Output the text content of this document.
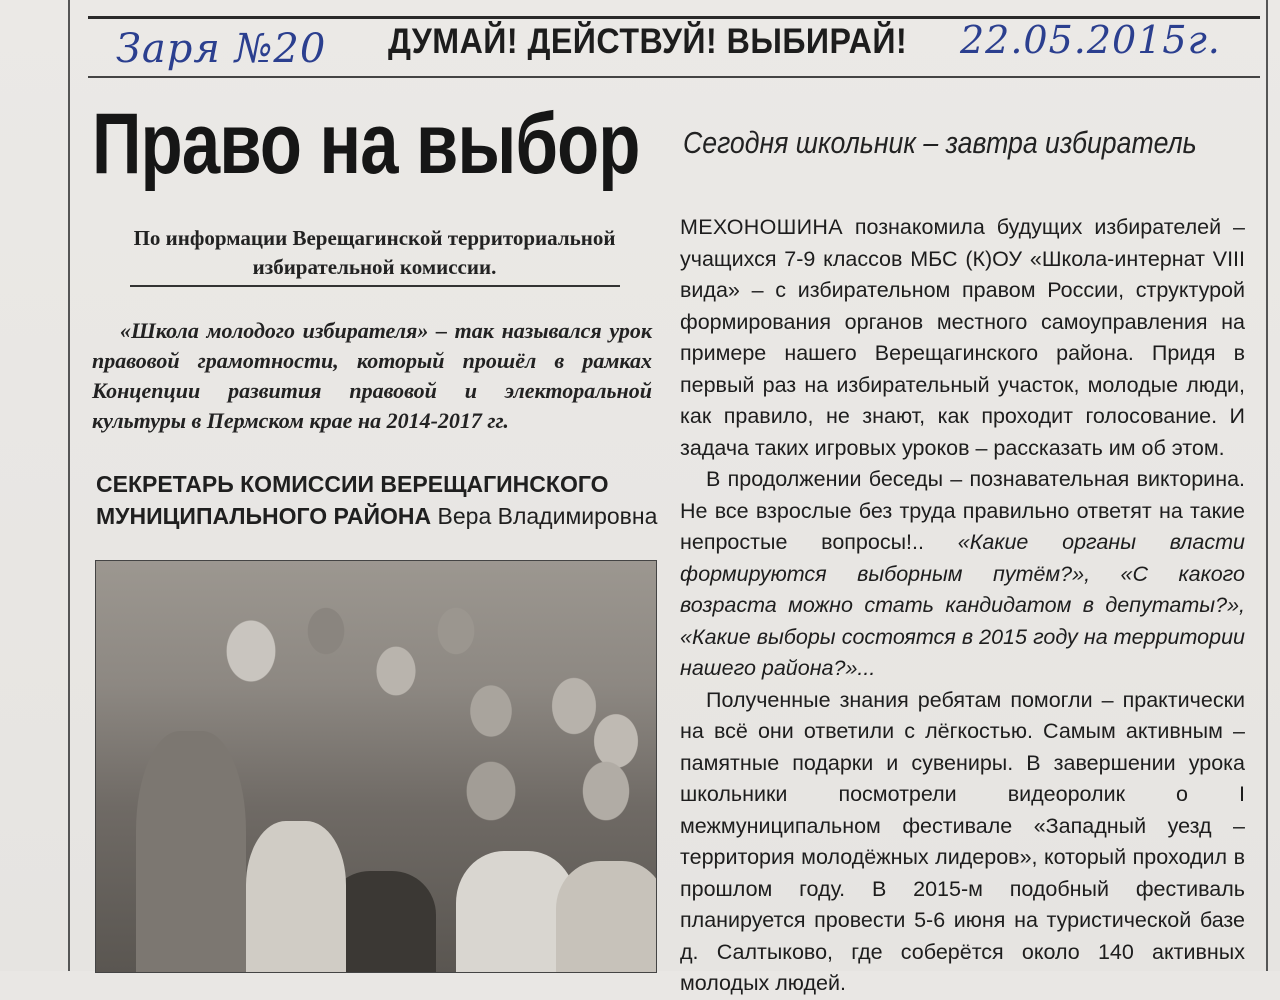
Заря №20 ДУМАЙ! ДЕЙСТВУЙ! ВЫБИРАЙ! 22.05.2015г.
Право на выбор Сегодня школьник – завтра избиратель
По информации Верещагинской территориальной избирательной комиссии.
«Школа молодого избирателя» – так назывался урок правовой грамотности, который прошёл в рамках Концепции развития правовой и электоральной культуры в Пермском крае на 2014-2017 гг.
СЕКРЕТАРЬ КОМИССИИ ВЕРЕЩАГИНСКОГО МУНИЦИПАЛЬНОГО РАЙОНА Вера Владимировна

МЕХОНОШИНА познакомила будущих избирателей – учащихся 7-9 классов МБС (К)ОУ «Школа-интернат VIII вида» – с избирательном правом России, структурой формирования органов местного самоуправления на примере нашего Верещагинского района. Придя в первый раз на избирательный участок, молодые люди, как правило, не знают, как проходит голосование. И задача таких игровых уроков – рассказать им об этом.

В продолжении беседы – познавательная викторина. Не все взрослые без труда правильно ответят на такие непростые вопросы!.. «Какие органы власти формируются выборным путём?», «С какого возраста можно стать кандидатом в депутаты?», «Какие выборы состоятся в 2015 году на территории нашего района?»...

Полученные знания ребятам помогли – практически на всё они ответили с лёгкостью. Самым активным – памятные подарки и сувениры. В завершении урока школьники посмотрели видеоролик о I межмуниципальном фестивале «Западный уезд – территория молодёжных лидеров», который проходил в прошлом году. В 2015-м подобный фестиваль планируется провести 5-6 июня на туристической базе д. Салтыково, где соберётся около 140 активных молодых людей.
